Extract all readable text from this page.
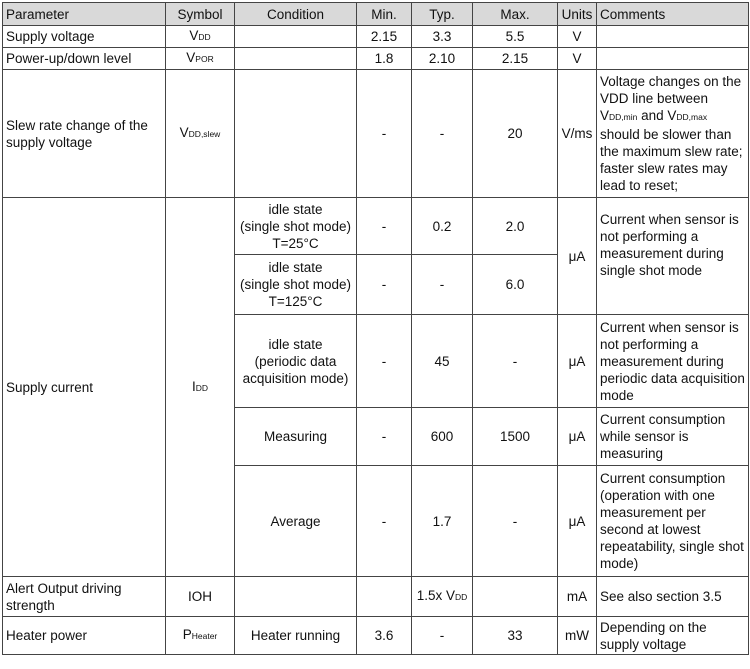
Parameter	Symbol	Condition	Min.	Typ.	Max.	Units	Comments
Supply voltage	VDD		2.15	3.3	5.5	V	
Power-up/down level	VPOR		1.8	2.10	2.15	V	
Slew rate change of the supply voltage	VDD,slew		-	-	20	V/ms	Voltage changes on the VDD line between VDD,min and VDD,max should be slower than the maximum slew rate; faster slew rates may lead to reset;
Supply current	IDD	idle state
(single shot mode)
T=25°C	-	0.2	2.0	μA	Current when sensor is not performing a measurement during single shot mode

		idle state
(single shot mode)
T=125°C	-	-	6.0		

		idle state
(periodic data
acquisition mode)	-	45	-	μA	Current when sensor is not performing a measurement during periodic data acquisition mode
		Measuring	-	600	1500	μA	Current consumption while sensor is measuring
		Average	-	1.7	-	μA	Current consumption (operation with one measurement per second at lowest repeatability, single shot mode)
Alert Output driving strength	IOH			1.5x VDD		mA	See also section 3.5
Heater power	PHeater	Heater running	3.6	-	33	mW	Depending on the supply voltage
